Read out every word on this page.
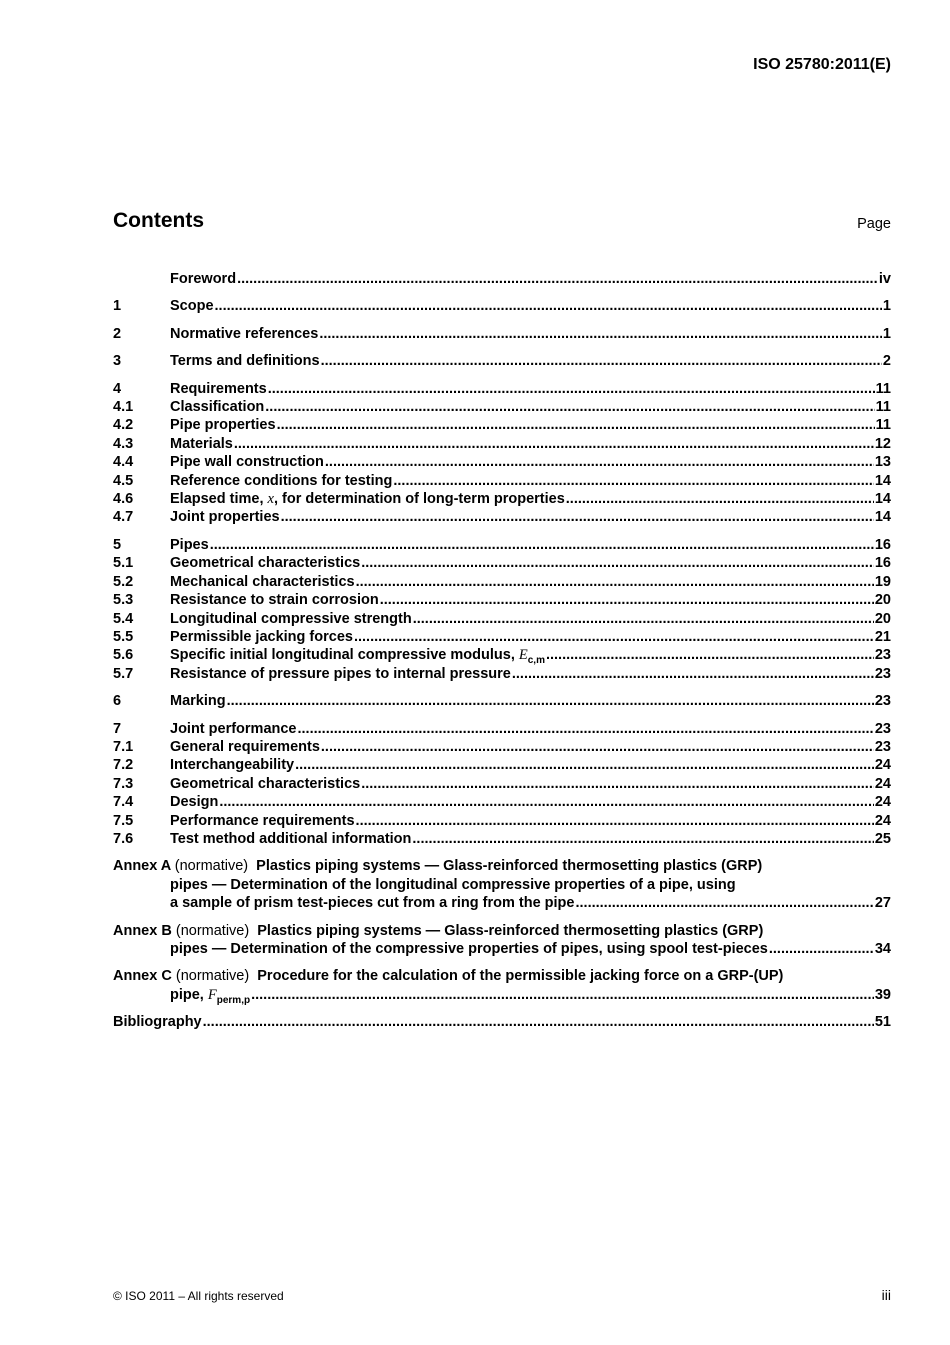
ISO 25780:2011(E)
Contents	Page
Foreword .....	iv
1	Scope .....	1
2	Normative references .....	1
3	Terms and definitions .....	2
4	Requirements .....	11
4.1	Classification .....	11
4.2	Pipe properties .....	11
4.3	Materials .....	12
4.4	Pipe wall construction .....	13
4.5	Reference conditions for testing .....	14
4.6	Elapsed time, x, for determination of long-term properties .....	14
4.7	Joint properties .....	14
5	Pipes .....	16
5.1	Geometrical characteristics .....	16
5.2	Mechanical characteristics .....	19
5.3	Resistance to strain corrosion .....	20
5.4	Longitudinal compressive strength .....	20
5.5	Permissible jacking forces .....	21
5.6	Specific initial longitudinal compressive modulus, $E_{c,m}$ .....	23
5.7	Resistance of pressure pipes to internal pressure .....	23
6	Marking .....	23
7	Joint performance .....	23
7.1	General requirements .....	23
7.2	Interchangeability .....	24
7.3	Geometrical characteristics .....	24
7.4	Design .....	24
7.5	Performance requirements .....	24
7.6	Test method additional information .....	25
Annex A (normative) Plastics piping systems — Glass-reinforced thermosetting plastics (GRP)
pipes — Determination of the longitudinal compressive properties of a pipe, using
a sample of prism test-pieces cut from a ring from the pipe .....	27
Annex B (normative) Plastics piping systems — Glass-reinforced thermosetting plastics (GRP)
pipes — Determination of the compressive properties of pipes, using spool test-pieces .....	34
Annex C (normative) Procedure for the calculation of the permissible jacking force on a GRP-(UP)
pipe, $F_{perm,p}$ .....	39
Bibliography .....	51
© ISO 2011 – All rights reserved	iii
